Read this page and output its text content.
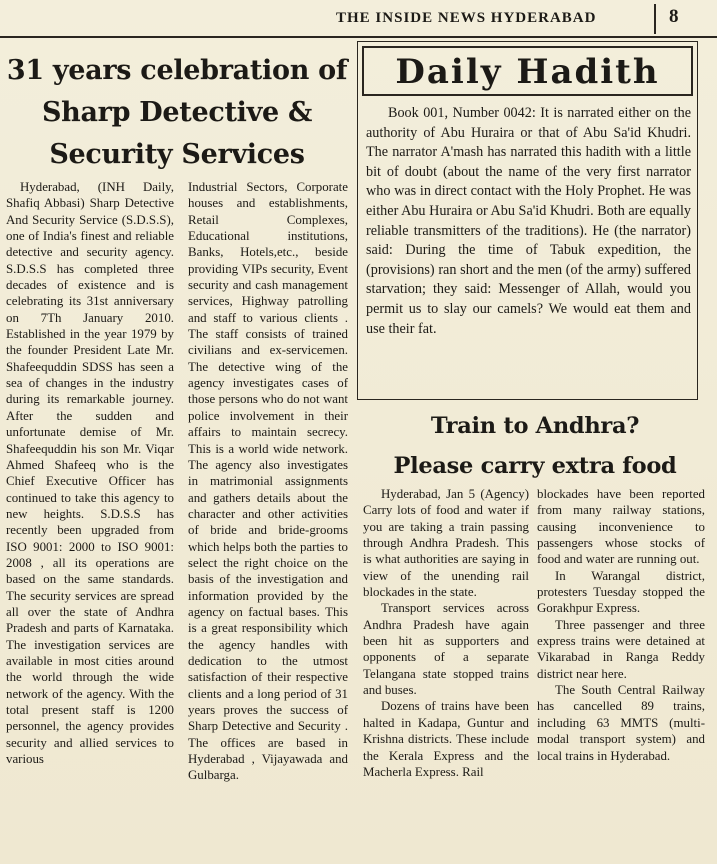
THE INSIDE NEWS HYDERABAD	8
31 years celebration of Sharp Detective & Security Services

Hyderabad, (INH Daily, Shafiq Abbasi) Sharp Detective And Security Service (S.D.S.S), one of India's finest and reliable detective and security agency. S.D.S.S has completed three decades of existence and is celebrating its 31st anniversary on 7Th January 2010. Established in the year 1979 by the founder President Late Mr. Shafeequddin SDSS has seen a sea of changes in the industry during its remarkable journey. After the sudden and unfortunate demise of Mr. Shafeequddin his son Mr. Viqar Ahmed Shafeeq who is the Chief Executive Officer has continued to take this agency to new heights. S.D.S.S has recently been upgraded from ISO 9001: 2000 to ISO 9001: 2008 , all its operations are based on the same standards. The security services are spread all over the state of Andhra Pradesh and parts of Karnataka. The investigation services are available in most cities around the world through the wide network of the agency. With the total present staff is 1200 personnel, the agency provides security and allied services to various

Industrial Sectors, Corporate houses and establishments, Retail Complexes, Educational institutions, Banks, Hotels,etc., beside providing VIPs security, Event security and cash management services, Highway patrolling and staff to various clients . The staff consists of trained civilians and ex-servicemen. The detective wing of the agency investigates cases of those persons who do not want police involvement in their affairs to maintain secrecy. This is a world wide network. The agency also investigates in matrimonial assignments and gathers details about the character and other activities of bride and bride-grooms which helps both the parties to select the right choice on the basis of the investigation and information provided by the agency on factual bases. This is a great responsibility which the agency handles with dedication to the utmost satisfaction of their respective clients and a long period of 31 years proves the success of Sharp Detective and Security . The offices are based in Hyderabad , Vijayawada and Gulbarga.

Daily Hadith
Book 001, Number 0042: It is narrated either on the authority of Abu Huraira or that of Abu Sa'id Khudri. The narrator A'mash has narrated this hadith with a little bit of doubt (about the name of the very first narrator who was in direct contact with the Holy Prophet. He was either Abu Huraira or Abu Sa'id Khudri. Both are equally reliable transmitters of the traditions). He (the narrator) said: During the time of Tabuk expedition, the (provisions) ran short and the men (of the army) suffered starvation; they said: Messenger of Allah, would you permit us to slay our camels? We would eat them and use their fat.
Train to Andhra?
Please carry extra food

Hyderabad, Jan 5 (Agency) Carry lots of food and water if you are taking a train passing through Andhra Pradesh. This is what authorities are saying in view of the unending rail blockades in the state.

Transport services across Andhra Pradesh have again been hit as supporters and opponents of a separate Telangana state stopped trains and buses.

Dozens of trains have been halted in Kadapa, Guntur and Krishna districts. These include the Kerala Express and the Macherla Express. Rail

blockades have been reported from many railway stations, causing inconvenience to passengers whose stocks of food and water are running out.

In Warangal district, protesters Tuesday stopped the Gorakhpur Express.

Three passenger and three express trains were detained at Vikarabad in Ranga Reddy district near here.

The South Central Railway has cancelled 89 trains, including 63 MMTS (multi-modal transport system) and local trains in Hyderabad.
